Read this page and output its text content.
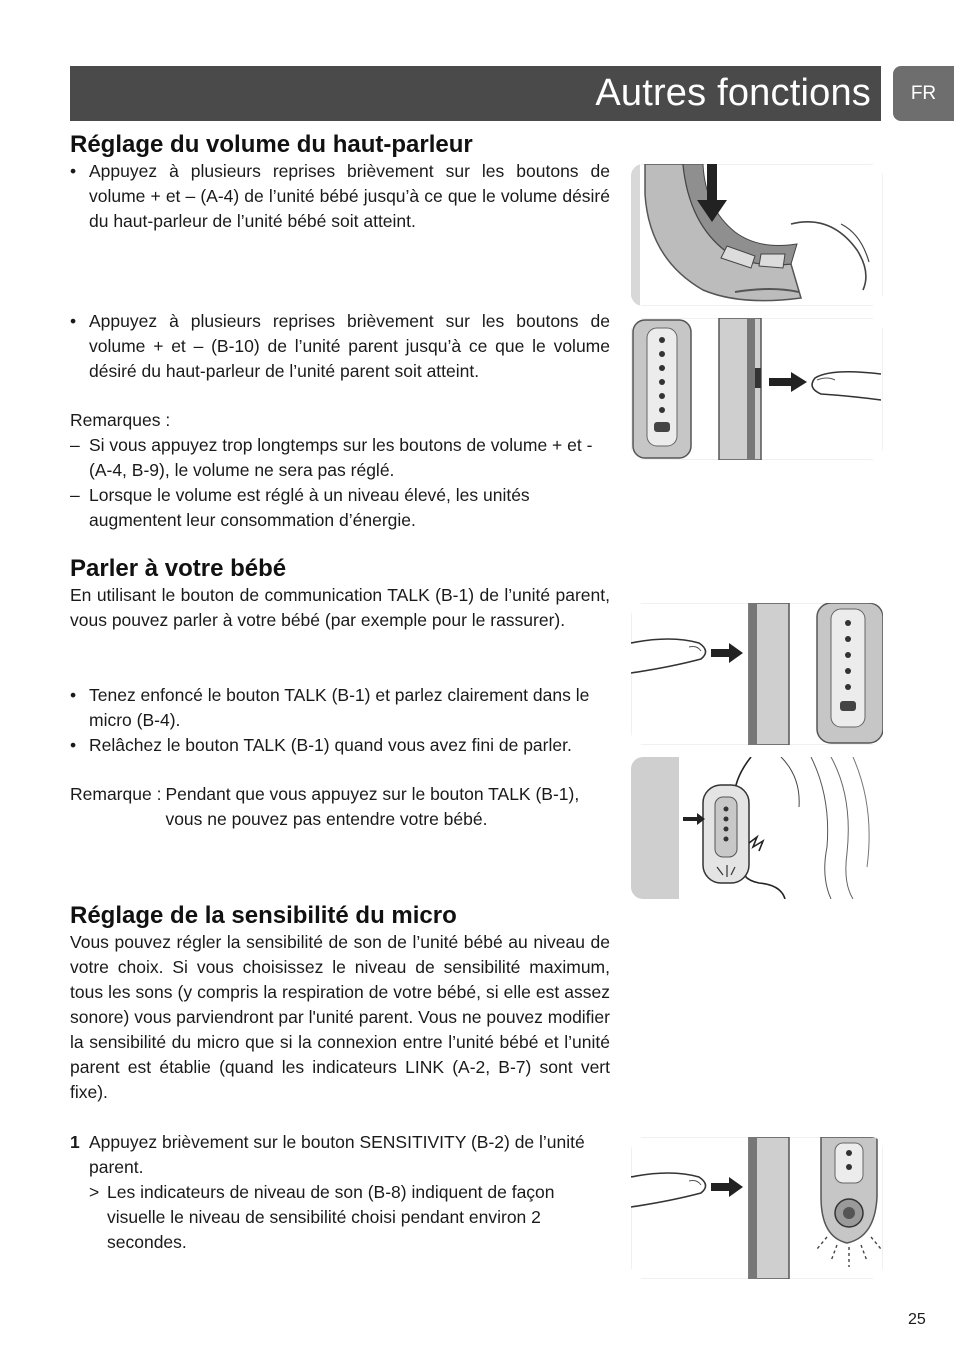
Autres fonctions	FR
Réglage du volume du haut-parleur
• Appuyez à plusieurs reprises brièvement sur les boutons de volume + et – (A-4) de l’unité bébé jusqu’à ce que le volume désiré du haut-parleur de l’unité bébé soit atteint.
• Appuyez à plusieurs reprises brièvement sur les boutons de volume + et – (B-10) de l’unité parent jusqu’à ce que le volume désiré du haut-parleur de l’unité parent soit atteint.
Remarques :
– Si vous appuyez trop longtemps sur les boutons de volume + et - (A-4, B-9), le volume ne sera pas réglé.
– Lorsque le volume est réglé à un niveau élevé, les unités augmentent leur consommation d’énergie.
Parler à votre bébé
En utilisant le bouton de communication TALK (B-1) de l’unité parent, vous pouvez parler à votre bébé (par exemple pour le rassurer).
• Tenez enfoncé le bouton TALK (B-1) et parlez clairement dans le micro (B-4).
• Relâchez le bouton TALK (B-1) quand vous avez fini de parler.
Remarque : Pendant que vous appuyez sur le bouton TALK (B-1), vous ne pouvez pas entendre votre bébé.
Réglage de la sensibilité du micro
Vous pouvez régler la sensibilité de son de l’unité bébé au niveau de votre choix. Si vous choisissez le niveau de sensibilité maximum, tous les sons (y compris la respiration de votre bébé, si elle est assez sonore) vous parviendront par l'unité parent. Vous ne pouvez modifier la sensibilité du micro que si la connexion entre l’unité bébé et l’unité parent est établie (quand les indicateurs LINK (A-2, B-7) sont vert fixe).
1 Appuyez brièvement sur le bouton SENSITIVITY (B-2) de l’unité parent.
> Les indicateurs de niveau de son (B-8) indiquent de façon visuelle le niveau de sensibilité choisi pendant environ 2 secondes.
25
